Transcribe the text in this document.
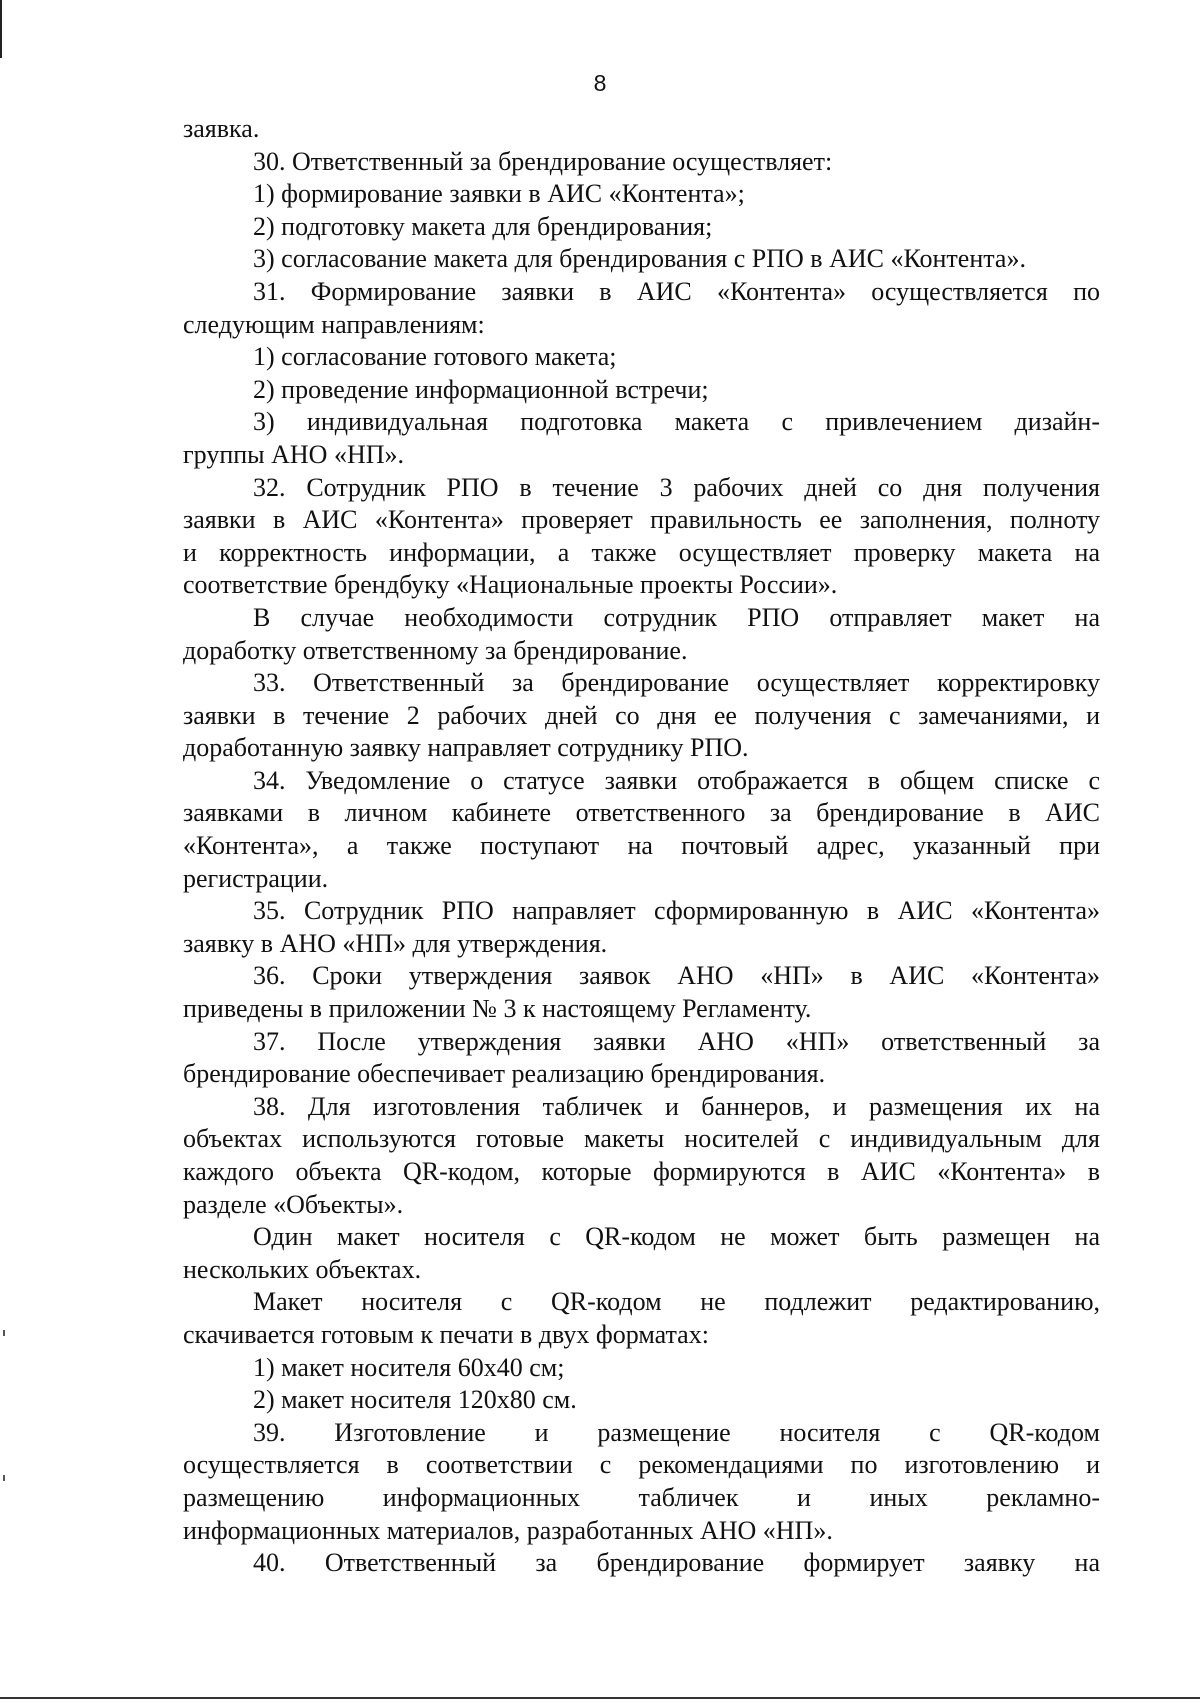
8
заявка.
30. Ответственный за брендирование осуществляет:
1) формирование заявки в АИС «Контента»;
2) подготовку макета для брендирования;
3) согласование макета для брендирования с РПО в АИС «Контента».
31. Формирование заявки в АИС «Контента» осуществляется по
следующим направлениям:
1) согласование готового макета;
2) проведение информационной встречи;
3) индивидуальная подготовка макета с привлечением дизайн-
группы АНО «НП».
32. Сотрудник РПО в течение 3 рабочих дней со дня получения
заявки в АИС «Контента» проверяет правильность ее заполнения, полноту
и корректность информации, а также осуществляет проверку макета на
соответствие брендбуку «Национальные проекты России».
В случае необходимости сотрудник РПО отправляет макет на
доработку ответственному за брендирование.
33. Ответственный за брендирование осуществляет корректировку
заявки в течение 2 рабочих дней со дня ее получения с замечаниями, и
доработанную заявку направляет сотруднику РПО.
34. Уведомление о статусе заявки отображается в общем списке с
заявками в личном кабинете ответственного за брендирование в АИС
«Контента», а также поступают на почтовый адрес, указанный при
регистрации.
35. Сотрудник РПО направляет сформированную в АИС «Контента»
заявку в АНО «НП» для утверждения.
36. Сроки утверждения заявок АНО «НП» в АИС «Контента»
приведены в приложении № 3 к настоящему Регламенту.
37. После утверждения заявки АНО «НП» ответственный за
брендирование обеспечивает реализацию брендирования.
38. Для изготовления табличек и баннеров, и размещения их на
объектах используются готовые макеты носителей с индивидуальным для
каждого объекта QR-кодом, которые формируются в АИС «Контента» в
разделе «Объекты».
Один макет носителя с QR-кодом не может быть размещен на
нескольких объектах.
Макет носителя с QR-кодом не подлежит редактированию,
скачивается готовым к печати в двух форматах:
1) макет носителя 60х40 см;
2) макет носителя 120х80 см.
39. Изготовление и размещение носителя с QR-кодом
осуществляется в соответствии с рекомендациями по изготовлению и
размещению информационных табличек и иных рекламно-
информационных материалов, разработанных АНО «НП».
40. Ответственный за брендирование формирует заявку на
